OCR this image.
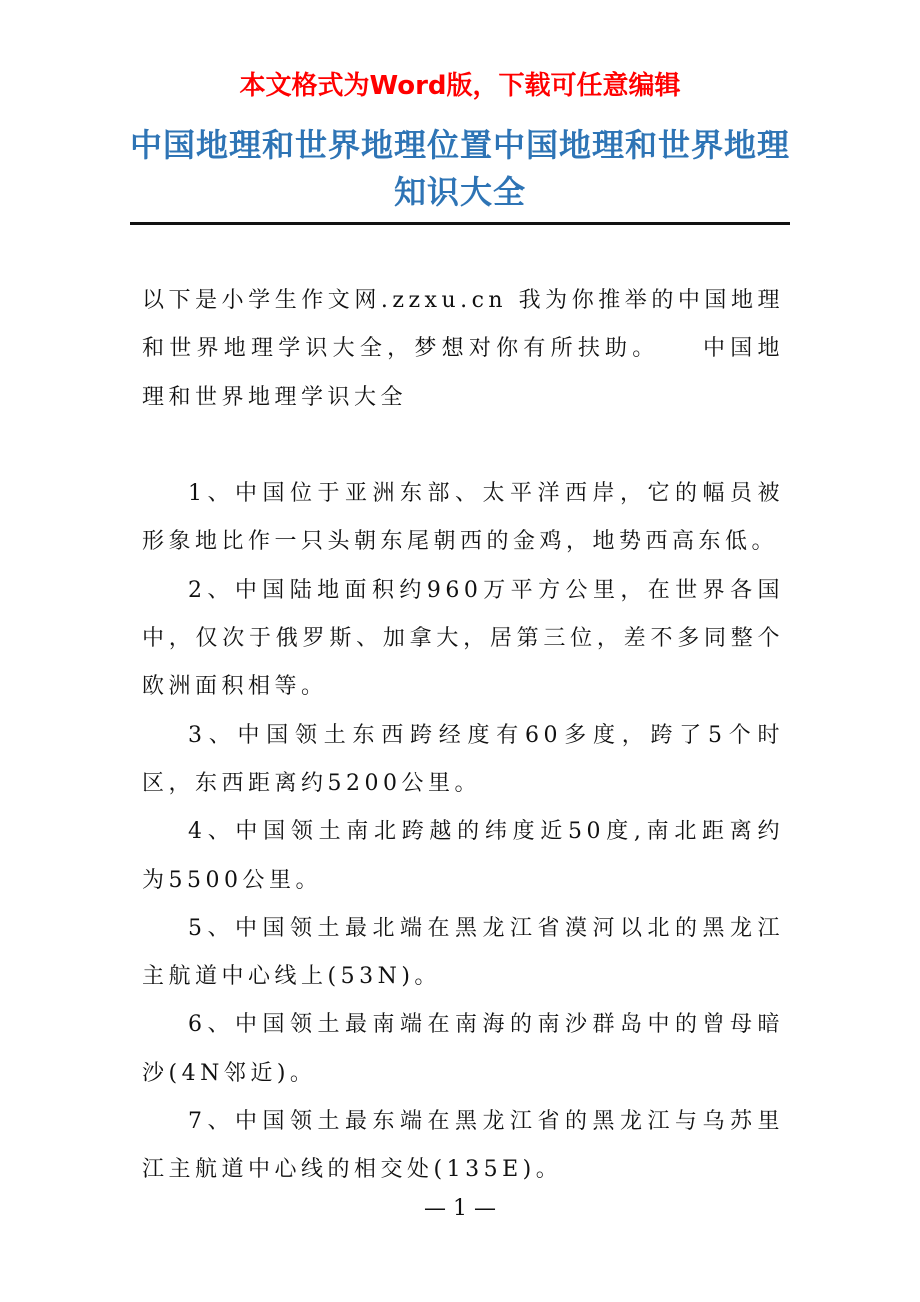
本文格式为Word版，下载可任意编辑
中国地理和世界地理位置中国地理和世界地理知识大全

以下是小学生作文网.zzxu.cn 我为你推举的中国地理和世界地理学识大全，梦想对你有所扶助。　　中国地理和世界地理学识大全

1、中国位于亚洲东部、太平洋西岸，它的幅员被形象地比作一只头朝东尾朝西的金鸡，地势西高东低。

2、中国陆地面积约960万平方公里，在世界各国中，仅次于俄罗斯、加拿大，居第三位，差不多同整个欧洲面积相等。

3、中国领土东西跨经度有60多度，跨了5个时区，东西距离约5200公里。

4、中国领土南北跨越的纬度近50度,南北距离约为5500公里。

5、中国领土最北端在黑龙江省漠河以北的黑龙江主航道中心线上(53N)。

6、中国领土最南端在南海的南沙群岛中的曾母暗沙(4N邻近)。

7、中国领土最东端在黑龙江省的黑龙江与乌苏里江主航道中心线的相交处(135E)。

— 1 —
